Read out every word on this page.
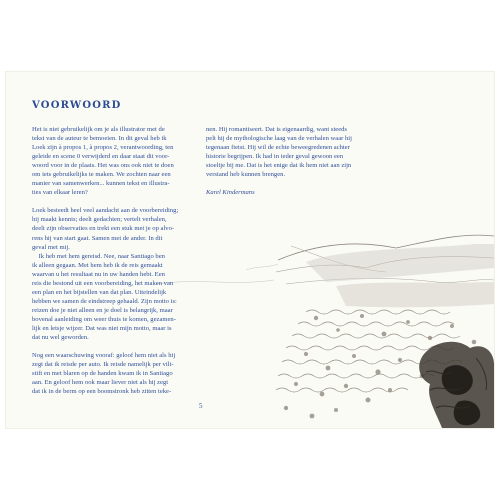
VOORWOORD

Het is niet gebruikelijk om je als illustrator met de
tekst van de auteur te bemoeien. In dit geval heb ik
Loek zijn à propos 1, à propos 2, verantwoording, ten
geleide en scene 0 verwijderd en daar staat dit voor-
woord voor in de plaats. Het was ons ook niet te doen
om iets gebruikelijks te maken. We zochten naar een
manier van samenwerken... kunnen tekst en illustra-
ties van elkaar leren?

Loek besteedt heel veel aandacht aan de voorbereiding;
hij maakt kennis; deelt gedachten; vertelt verhalen,
deelt zijn observaties en trekt een stuk met je op alvo-
rens hij van start gaat. Samen met de ander. In dit
geval met mij.
Ik heb met hem gereisd. Nee, naar Santiago ben
ik alleen gegaan. Met hem heb ik de reis gemaakt
waarvan u het resultaat nu in uw handen hebt. Een
reis die bestond uit een voorbereiding, het maken van
een plan en het bijstellen van dat plan. Uiteindelijk
hebben we samen de eindstreep gehaald. Zijn motto is:
reizen doe je niet alleen en je doel is belangrijk, maar
bovenal aanleiding om weer thuis te komen, gezamen-
lijk en letsje wijzer. Dat was niet mijn motto, maar is
dat nu wel geworden.

Nog een waarschuwing vooraf: geloof hem niet als hij
zegt dat ik reisde per auto. Ik reisde namelijk per vilt-
stift en met blaren op de handen kwam ik in Santiago
aan. En geloof hem ook maar liever niet als hij zegt
dat ik in de berm op een boomstronk heb zitten teke-

nen. Hij romantiseert. Dat is eigenaardig, want steeds
pelt hij de mythologische laag van de verhalen waar hij
tegenaan fietst. Hij wil de echte beweegredenen achter
historie begrijpen. Ik had in ieder geval gewoon een
stoeltje bij me. Dat is het enige dat ik hem niet aan zijn
verstand heb kunnen brengen.

Karel Kindermans

5
